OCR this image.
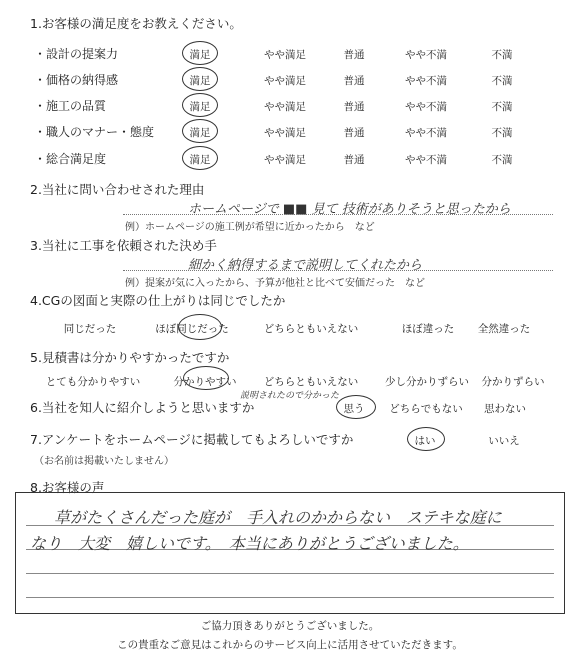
1.お客様の満足度をお教えください。
・設計の提案力	満足	やや満足	普通	やや不満	不満
・価格の納得感	満足	やや満足	普通	やや不満	不満
・施工の品質	満足	やや満足	普通	やや不満	不満
・職人のマナー・態度	満足	やや満足	普通	やや不満	不満
・総合満足度	満足	やや満足	普通	やや不満	不満
2.当社に問い合わせされた理由
ホームページで ■■ 見て 技術がありそうと思ったから
例）ホームページの施工例が希望に近かったから　など
3.当社に工事を依頼された決め手
細かく納得するまで説明してくれたから
例）提案が気に入ったから、予算が他社と比べて安価だった　など
4.CGの図面と実際の仕上がりは同じでしたか
同じだった	ほぼ同じだった	どちらともいえない	ほぼ違った 全然違った
5.見積書は分かりやすかったですか
とても分かりやすい	分かりやすい	どちらともいえない	少し分かりずらい 分かりずらい
説明されたので分かった
6.当社を知人に紹介しようと思いますか	思う どちらでもない 思わない
7.アンケートをホームページに掲載してもよろしいですか	はい	いいえ
（お名前は掲載いたしません）
8.お客様の声
草がたくさんだった庭が　手入れのかからない　ステキな庭に
なり　大変　嬉しいです。　本当にありがとうございました。
ご協力頂きありがとうございました。
この貴重なご意見はこれからのサービス向上に活用させていただきます。
